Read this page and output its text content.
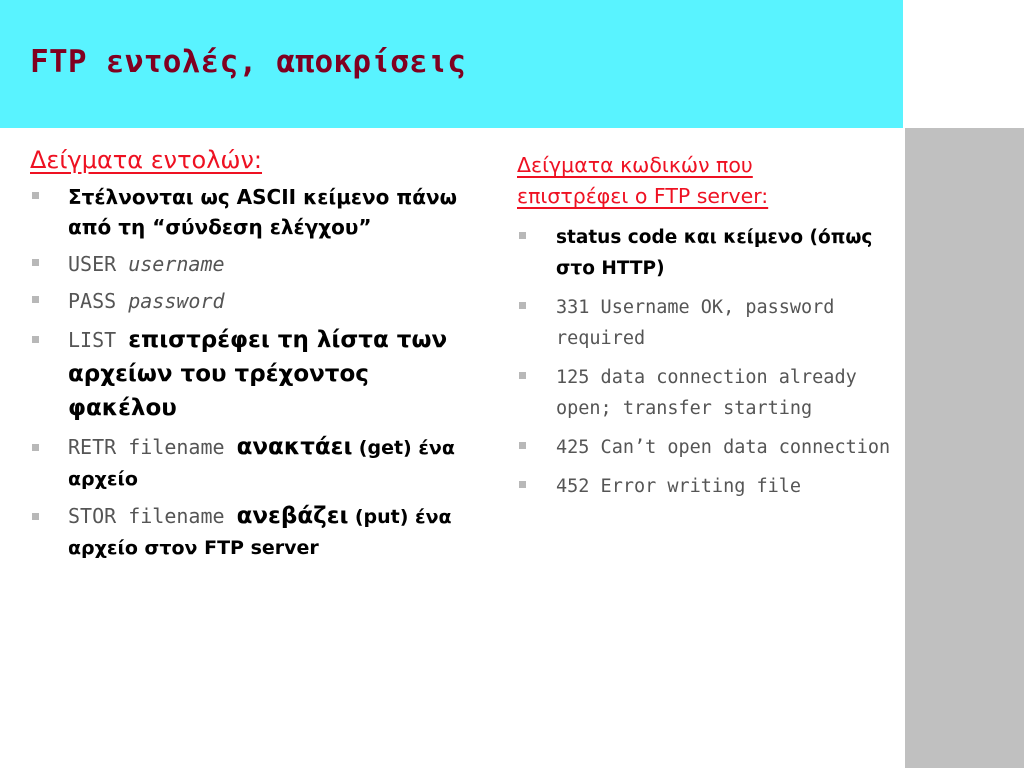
FTP εντολές, αποκρίσεις
Δείγματα εντολών:
Στέλνονται ως ASCII κείμενο πάνω από τη “σύνδεση ελέγχου”
USER username
PASS password
LIST επιστρέφει τη λίστα των αρχείων του τρέχοντος φακέλου
RETR filename ανακτάει (get) ένα αρχείο
STOR filename ανεβάζει (put) ένα αρχείο στον FTP server
Δείγματα κωδικών που
επιστρέφει ο FTP server:
status code και κείμενο (όπως στο HTTP)
331 Username OK, password required
125 data connection already open; transfer starting
425 Can’t open data connection
452 Error writing file
